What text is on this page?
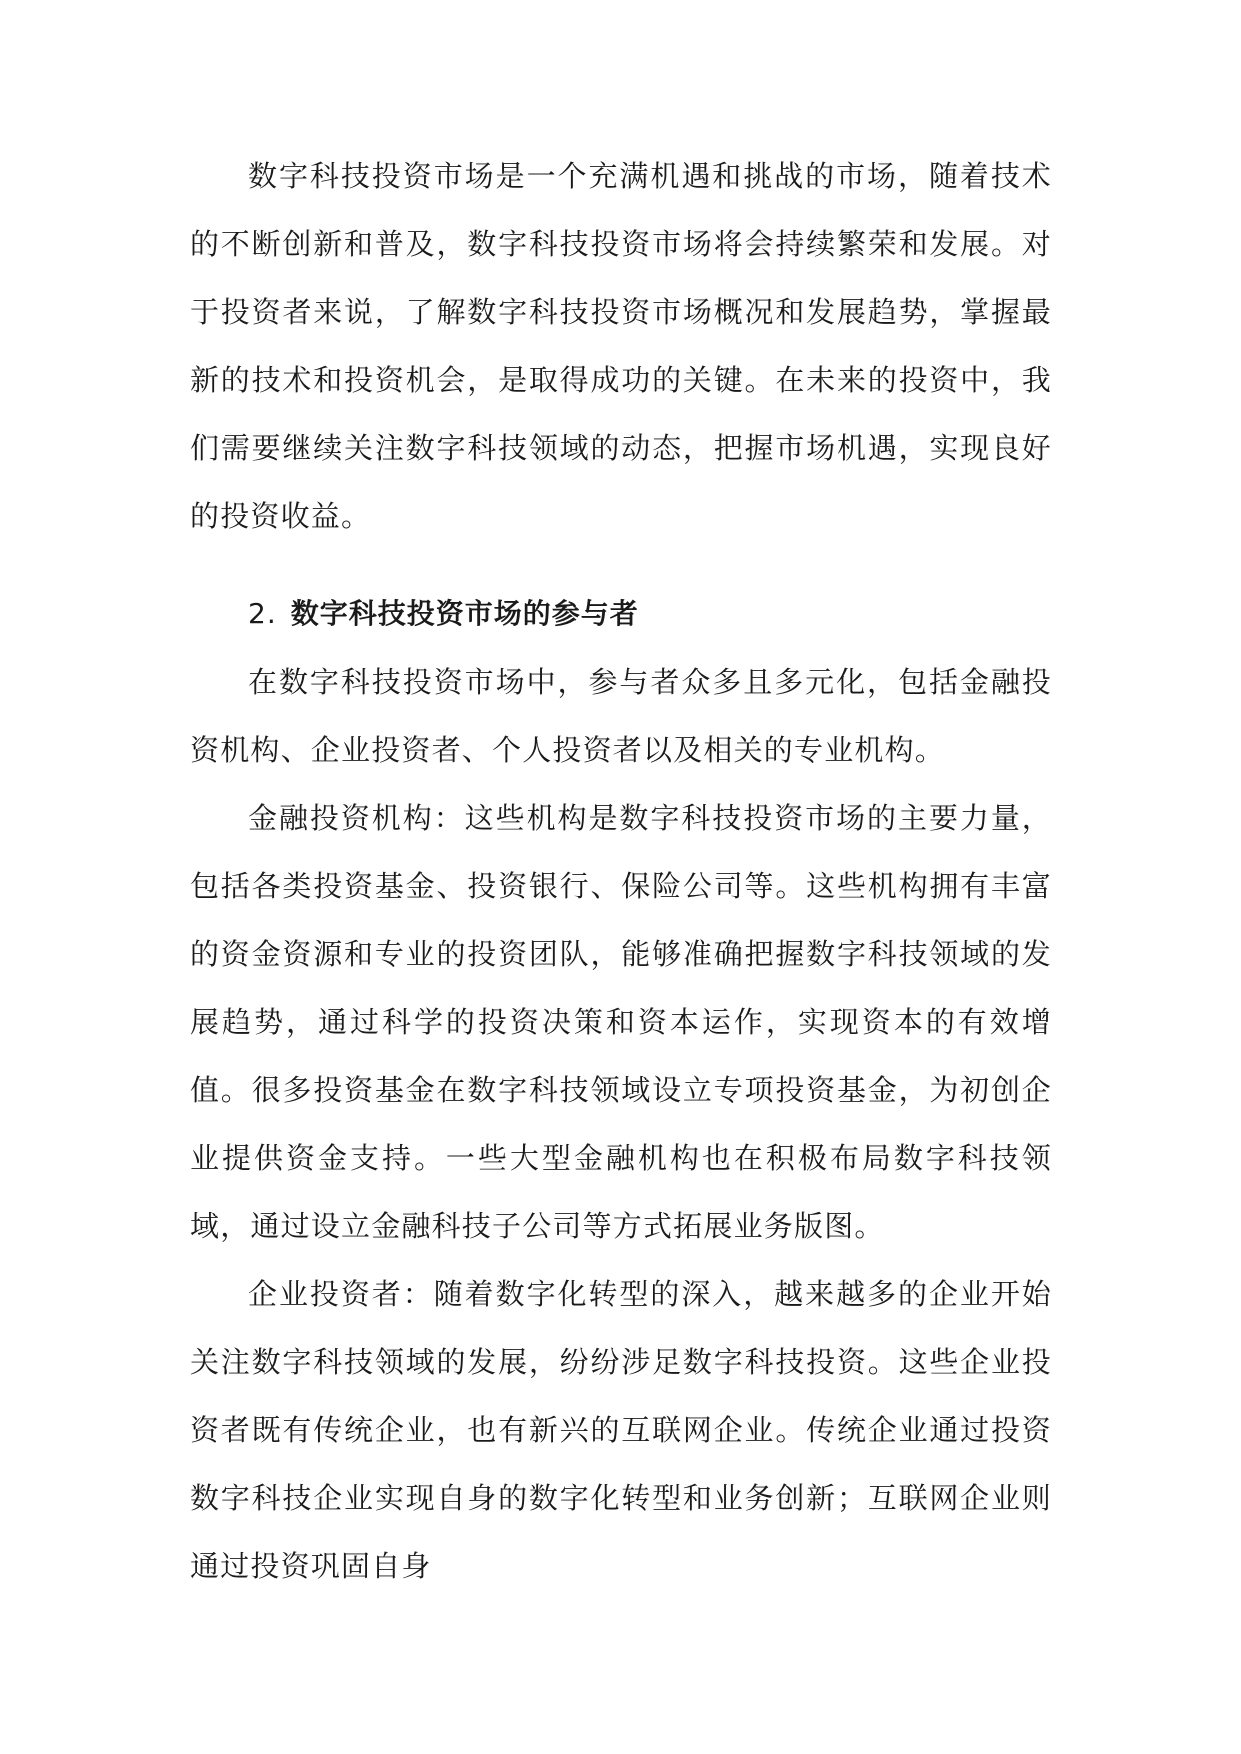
数字科技投资市场是一个充满机遇和挑战的市场，随着技术的不断创新和普及，数字科技投资市场将会持续繁荣和发展。对于投资者来说，了解数字科技投资市场概况和发展趋势，掌握最新的技术和投资机会，是取得成功的关键。在未来的投资中，我们需要继续关注数字科技领域的动态，把握市场机遇，实现良好的投资收益。

2. 数字科技投资市场的参与者

在数字科技投资市场中，参与者众多且多元化，包括金融投资机构、企业投资者、个人投资者以及相关的专业机构。

金融投资机构：这些机构是数字科技投资市场的主要力量，包括各类投资基金、投资银行、保险公司等。这些机构拥有丰富的资金资源和专业的投资团队，能够准确把握数字科技领域的发展趋势，通过科学的投资决策和资本运作，实现资本的有效增值。很多投资基金在数字科技领域设立专项投资基金，为初创企业提供资金支持。一些大型金融机构也在积极布局数字科技领域，通过设立金融科技子公司等方式拓展业务版图。

企业投资者：随着数字化转型的深入，越来越多的企业开始关注数字科技领域的发展，纷纷涉足数字科技投资。这些企业投资者既有传统企业，也有新兴的互联网企业。传统企业通过投资数字科技企业实现自身的数字化转型和业务创新；互联网企业则通过投资巩固自身
